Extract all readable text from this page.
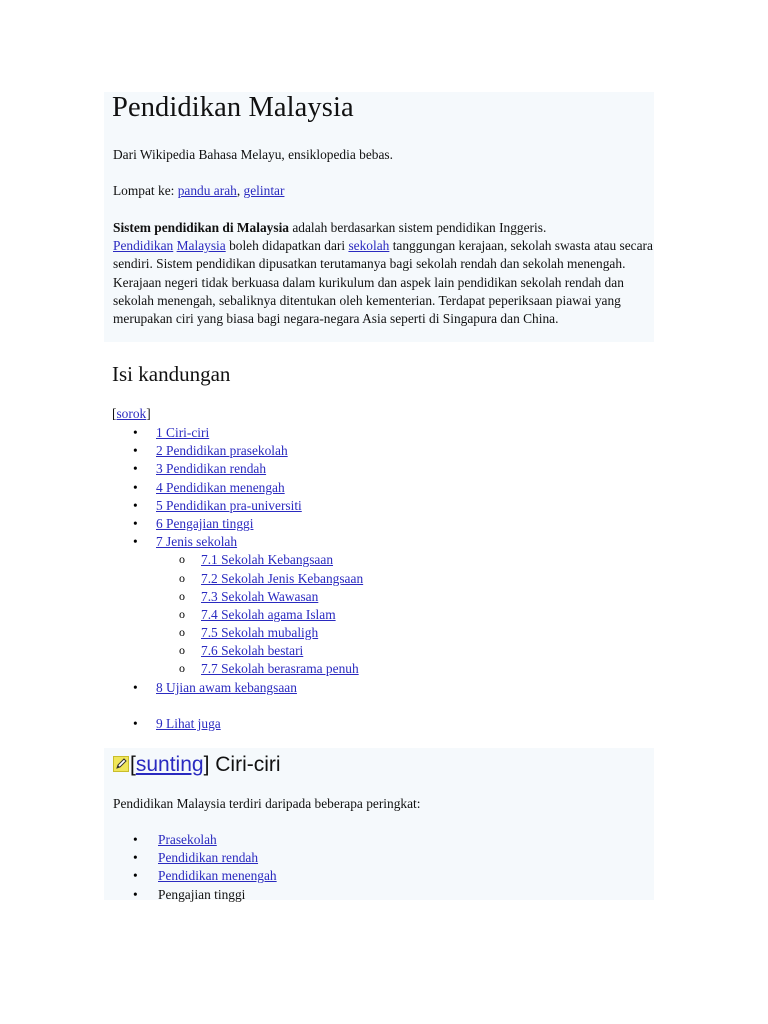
Pendidikan Malaysia
Dari Wikipedia Bahasa Melayu, ensiklopedia bebas.
Lompat ke: pandu arah, gelintar

Sistem pendidikan di Malaysia adalah berdasarkan sistem pendidikan Inggeris.
Pendidikan Malaysia boleh didapatkan dari sekolah tanggungan kerajaan, sekolah swasta atau secara sendiri. Sistem pendidikan dipusatkan terutamanya bagi sekolah rendah dan sekolah menengah. Kerajaan negeri tidak berkuasa dalam kurikulum dan aspek lain pendidikan sekolah rendah dan sekolah menengah, sebaliknya ditentukan oleh kementerian. Terdapat peperiksaan piawai yang merupakan ciri yang biasa bagi negara-negara Asia seperti di Singapura dan China.

Isi kandungan
[sorok]
1 Ciri-ciri
2 Pendidikan prasekolah
3 Pendidikan rendah
4 Pendidikan menengah
5 Pendidikan pra-universiti
6 Pengajian tinggi
7 Jenis sekolah
7.1 Sekolah Kebangsaan
7.2 Sekolah Jenis Kebangsaan
7.3 Sekolah Wawasan
7.4 Sekolah agama Islam
7.5 Sekolah mubaligh
7.6 Sekolah bestari
7.7 Sekolah berasrama penuh
8 Ujian awam kebangsaan
9 Lihat juga
[sunting] Ciri-ciri
Pendidikan Malaysia terdiri daripada beberapa peringkat:
Prasekolah
Pendidikan rendah
Pendidikan menengah
Pengajian tinggi
